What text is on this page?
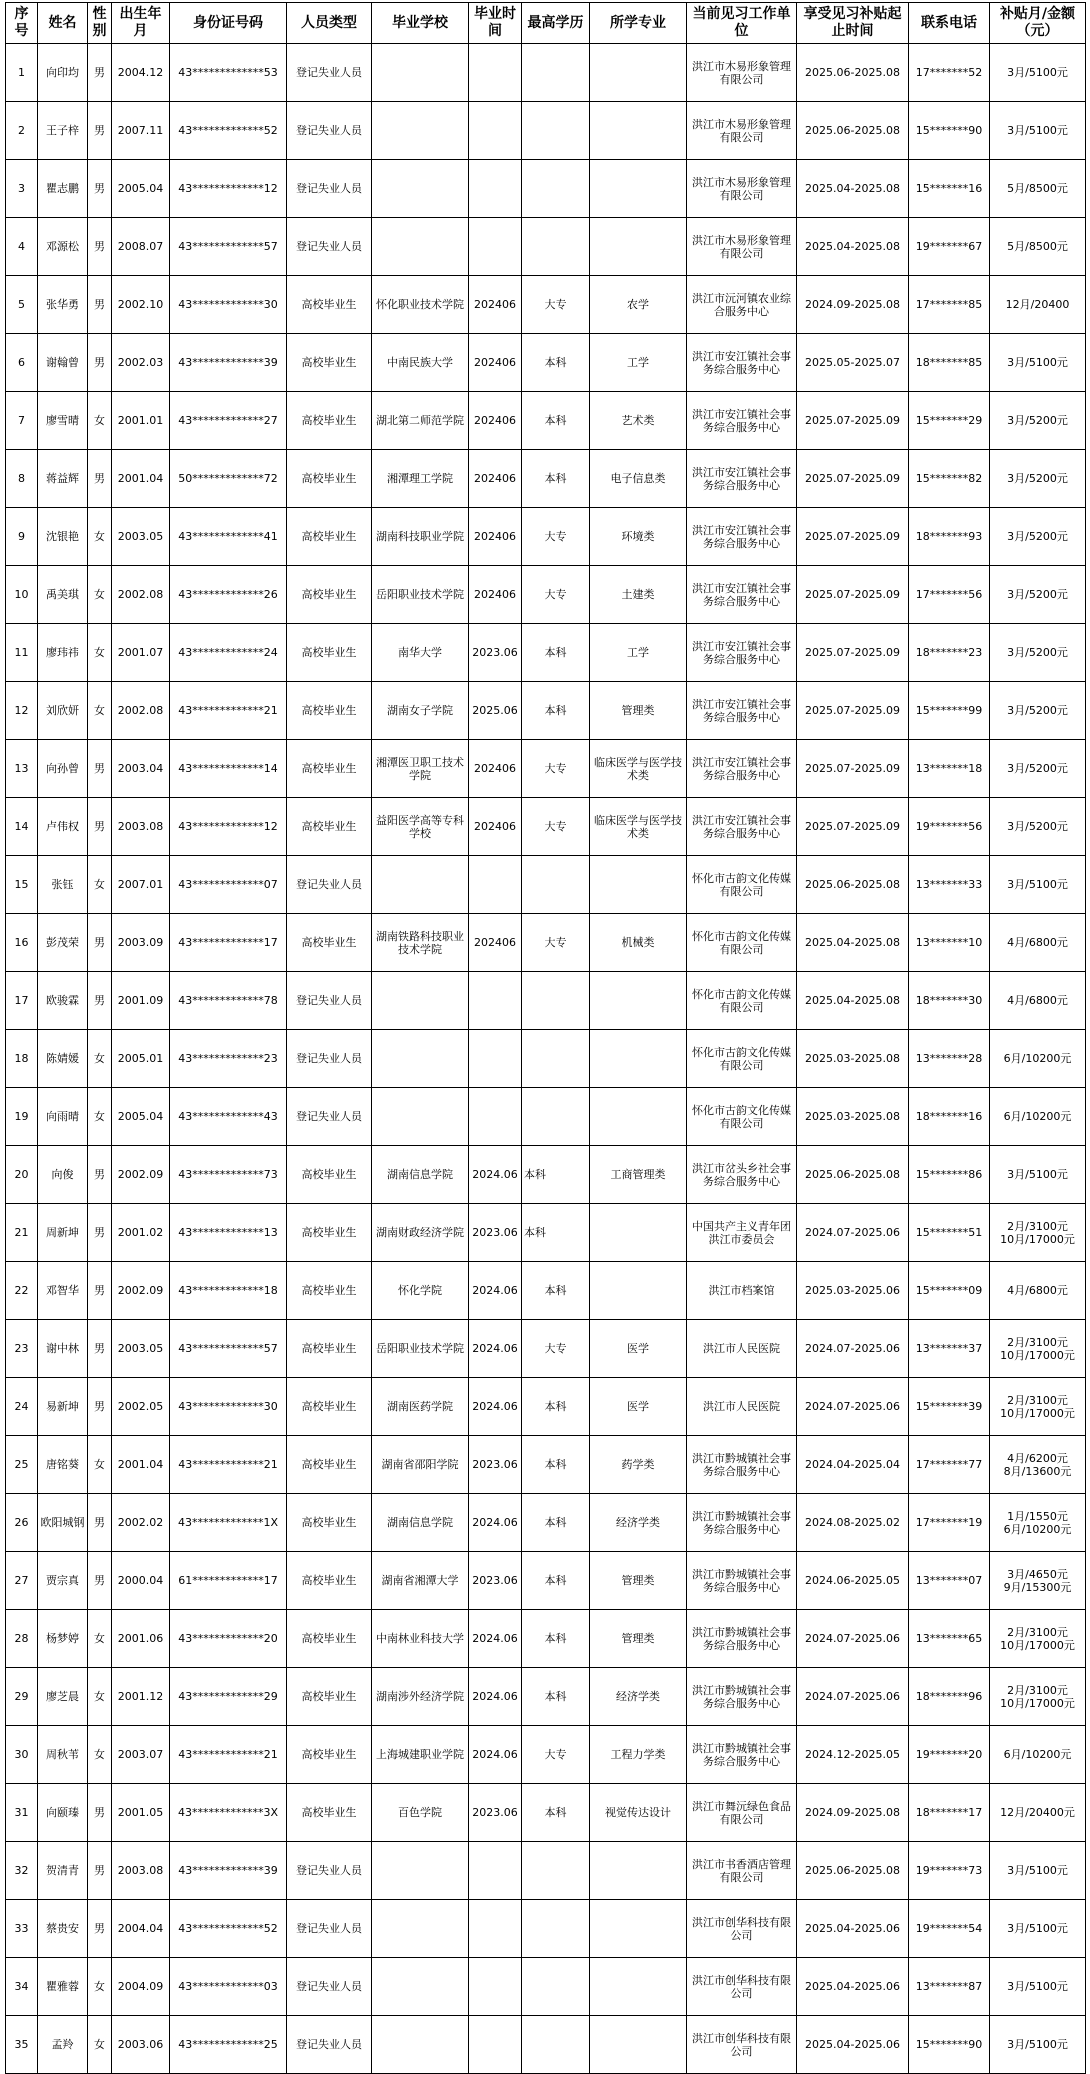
序号	姓名	性别	出生年月	身份证号码	人员类型	毕业学校	毕业时间	最高学历	所学专业	当前见习工作单位	享受见习补贴起止时间	联系电话	补贴月/金额（元）
1	向印均	男	2004.12	43*************53	登记失业人员					洪江市木易形象管理有限公司	2025.06-2025.08	17*******52	3月/5100元
2	王子梓	男	2007.11	43*************52	登记失业人员					洪江市木易形象管理有限公司	2025.06-2025.08	15*******90	3月/5100元
3	瞿志鹏	男	2005.04	43*************12	登记失业人员					洪江市木易形象管理有限公司	2025.04-2025.08	15*******16	5月/8500元
4	邓源松	男	2008.07	43*************57	登记失业人员					洪江市木易形象管理有限公司	2025.04-2025.08	19*******67	5月/8500元
5	张华勇	男	2002.10	43*************30	高校毕业生	怀化职业技术学院	202406	大专	农学	洪江市沅河镇农业综合服务中心	2024.09-2025.08	17*******85	12月/20400
6	谢翰曾	男	2002.03	43*************39	高校毕业生	中南民族大学	202406	本科	工学	洪江市安江镇社会事务综合服务中心	2025.05-2025.07	18*******85	3月/5100元
7	廖雪晴	女	2001.01	43*************27	高校毕业生	湖北第二师范学院	202406	本科	艺术类	洪江市安江镇社会事务综合服务中心	2025.07-2025.09	15*******29	3月/5200元
8	蒋益辉	男	2001.04	50*************72	高校毕业生	湘潭理工学院	202406	本科	电子信息类	洪江市安江镇社会事务综合服务中心	2025.07-2025.09	15*******82	3月/5200元
9	沈银艳	女	2003.05	43*************41	高校毕业生	湖南科技职业学院	202406	大专	环境类	洪江市安江镇社会事务综合服务中心	2025.07-2025.09	18*******93	3月/5200元
10	禹美琪	女	2002.08	43*************26	高校毕业生	岳阳职业技术学院	202406	大专	土建类	洪江市安江镇社会事务综合服务中心	2025.07-2025.09	17*******56	3月/5200元
11	廖玮祎	女	2001.07	43*************24	高校毕业生	南华大学	2023.06	本科	工学	洪江市安江镇社会事务综合服务中心	2025.07-2025.09	18*******23	3月/5200元
12	刘欣妍	女	2002.08	43*************21	高校毕业生	湖南女子学院	2025.06	本科	管理类	洪江市安江镇社会事务综合服务中心	2025.07-2025.09	15*******99	3月/5200元
13	向孙曾	男	2003.04	43*************14	高校毕业生	湘潭医卫职工技术学院	202406	大专	临床医学与医学技术类	洪江市安江镇社会事务综合服务中心	2025.07-2025.09	13*******18	3月/5200元
14	卢伟权	男	2003.08	43*************12	高校毕业生	益阳医学高等专科学校	202406	大专	临床医学与医学技术类	洪江市安江镇社会事务综合服务中心	2025.07-2025.09	19*******56	3月/5200元
15	张钰	女	2007.01	43*************07	登记失业人员					怀化市古韵文化传媒有限公司	2025.06-2025.08	13*******33	3月/5100元
16	彭茂荣	男	2003.09	43*************17	高校毕业生	湖南铁路科技职业技术学院	202406	大专	机械类	怀化市古韵文化传媒有限公司	2025.04-2025.08	13*******10	4月/6800元
17	欧骏霖	男	2001.09	43*************78	登记失业人员					怀化市古韵文化传媒有限公司	2025.04-2025.08	18*******30	4月/6800元
18	陈婧媛	女	2005.01	43*************23	登记失业人员					怀化市古韵文化传媒有限公司	2025.03-2025.08	13*******28	6月/10200元
19	向雨晴	女	2005.04	43*************43	登记失业人员					怀化市古韵文化传媒有限公司	2025.03-2025.08	18*******16	6月/10200元
20	向俊	男	2002.09	43*************73	高校毕业生	湖南信息学院	2024.06	本科	工商管理类	洪江市岔头乡社会事务综合服务中心	2025.06-2025.08	15*******86	3月/5100元
21	周新坤	男	2001.02	43*************13	高校毕业生	湖南财政经济学院	2023.06	本科		中国共产主义青年团洪江市委员会	2024.07-2025.06	15*******51	2月/3100元
10月/17000元
22	邓智华	男	2002.09	43*************18	高校毕业生	怀化学院	2024.06	本科		洪江市档案馆	2025.03-2025.06	15*******09	4月/6800元
23	谢中林	男	2003.05	43*************57	高校毕业生	岳阳职业技术学院	2024.06	大专	医学	洪江市人民医院	2024.07-2025.06	13*******37	2月/3100元
10月/17000元
24	易新坤	男	2002.05	43*************30	高校毕业生	湖南医药学院	2024.06	本科	医学	洪江市人民医院	2024.07-2025.06	15*******39	2月/3100元
10月/17000元
25	唐铭葵	女	2001.04	43*************21	高校毕业生	湖南省邵阳学院	2023.06	本科	药学类	洪江市黔城镇社会事务综合服务中心	2024.04-2025.04	17*******77	4月/6200元
8月/13600元
26	欧阳城钢	男	2002.02	43*************1X	高校毕业生	湖南信息学院	2024.06	本科	经济学类	洪江市黔城镇社会事务综合服务中心	2024.08-2025.02	17*******19	1月/1550元
6月/10200元
27	贾宗真	男	2000.04	61*************17	高校毕业生	湖南省湘潭大学	2023.06	本科	管理类	洪江市黔城镇社会事务综合服务中心	2024.06-2025.05	13*******07	3月/4650元
9月/15300元
28	杨梦婷	女	2001.06	43*************20	高校毕业生	中南林业科技大学	2024.06	本科	管理类	洪江市黔城镇社会事务综合服务中心	2024.07-2025.06	13*******65	2月/3100元
10月/17000元
29	廖芝晨	女	2001.12	43*************29	高校毕业生	湖南涉外经济学院	2024.06	本科	经济学类	洪江市黔城镇社会事务综合服务中心	2024.07-2025.06	18*******96	2月/3100元
10月/17000元
30	周秋苇	女	2003.07	43*************21	高校毕业生	上海城建职业学院	2024.06	大专	工程力学类	洪江市黔城镇社会事务综合服务中心	2024.12-2025.05	19*******20	6月/10200元
31	向颐瑧	男	2001.05	43*************3X	高校毕业生	百色学院	2023.06	本科	视觉传达设计	洪江市舞沅绿色食品有限公司	2024.09-2025.08	18*******17	12月/20400元
32	贺清青	男	2003.08	43*************39	登记失业人员					洪江市书香酒店管理有限公司	2025.06-2025.08	19*******73	3月/5100元
33	蔡贵安	男	2004.04	43*************52	登记失业人员					洪江市创华科技有限公司	2025.04-2025.06	19*******54	3月/5100元
34	瞿雅蓉	女	2004.09	43*************03	登记失业人员					洪江市创华科技有限公司	2025.04-2025.06	13*******87	3月/5100元
35	孟羚	女	2003.06	43*************25	登记失业人员					洪江市创华科技有限公司	2025.04-2025.06	15*******90	3月/5100元
